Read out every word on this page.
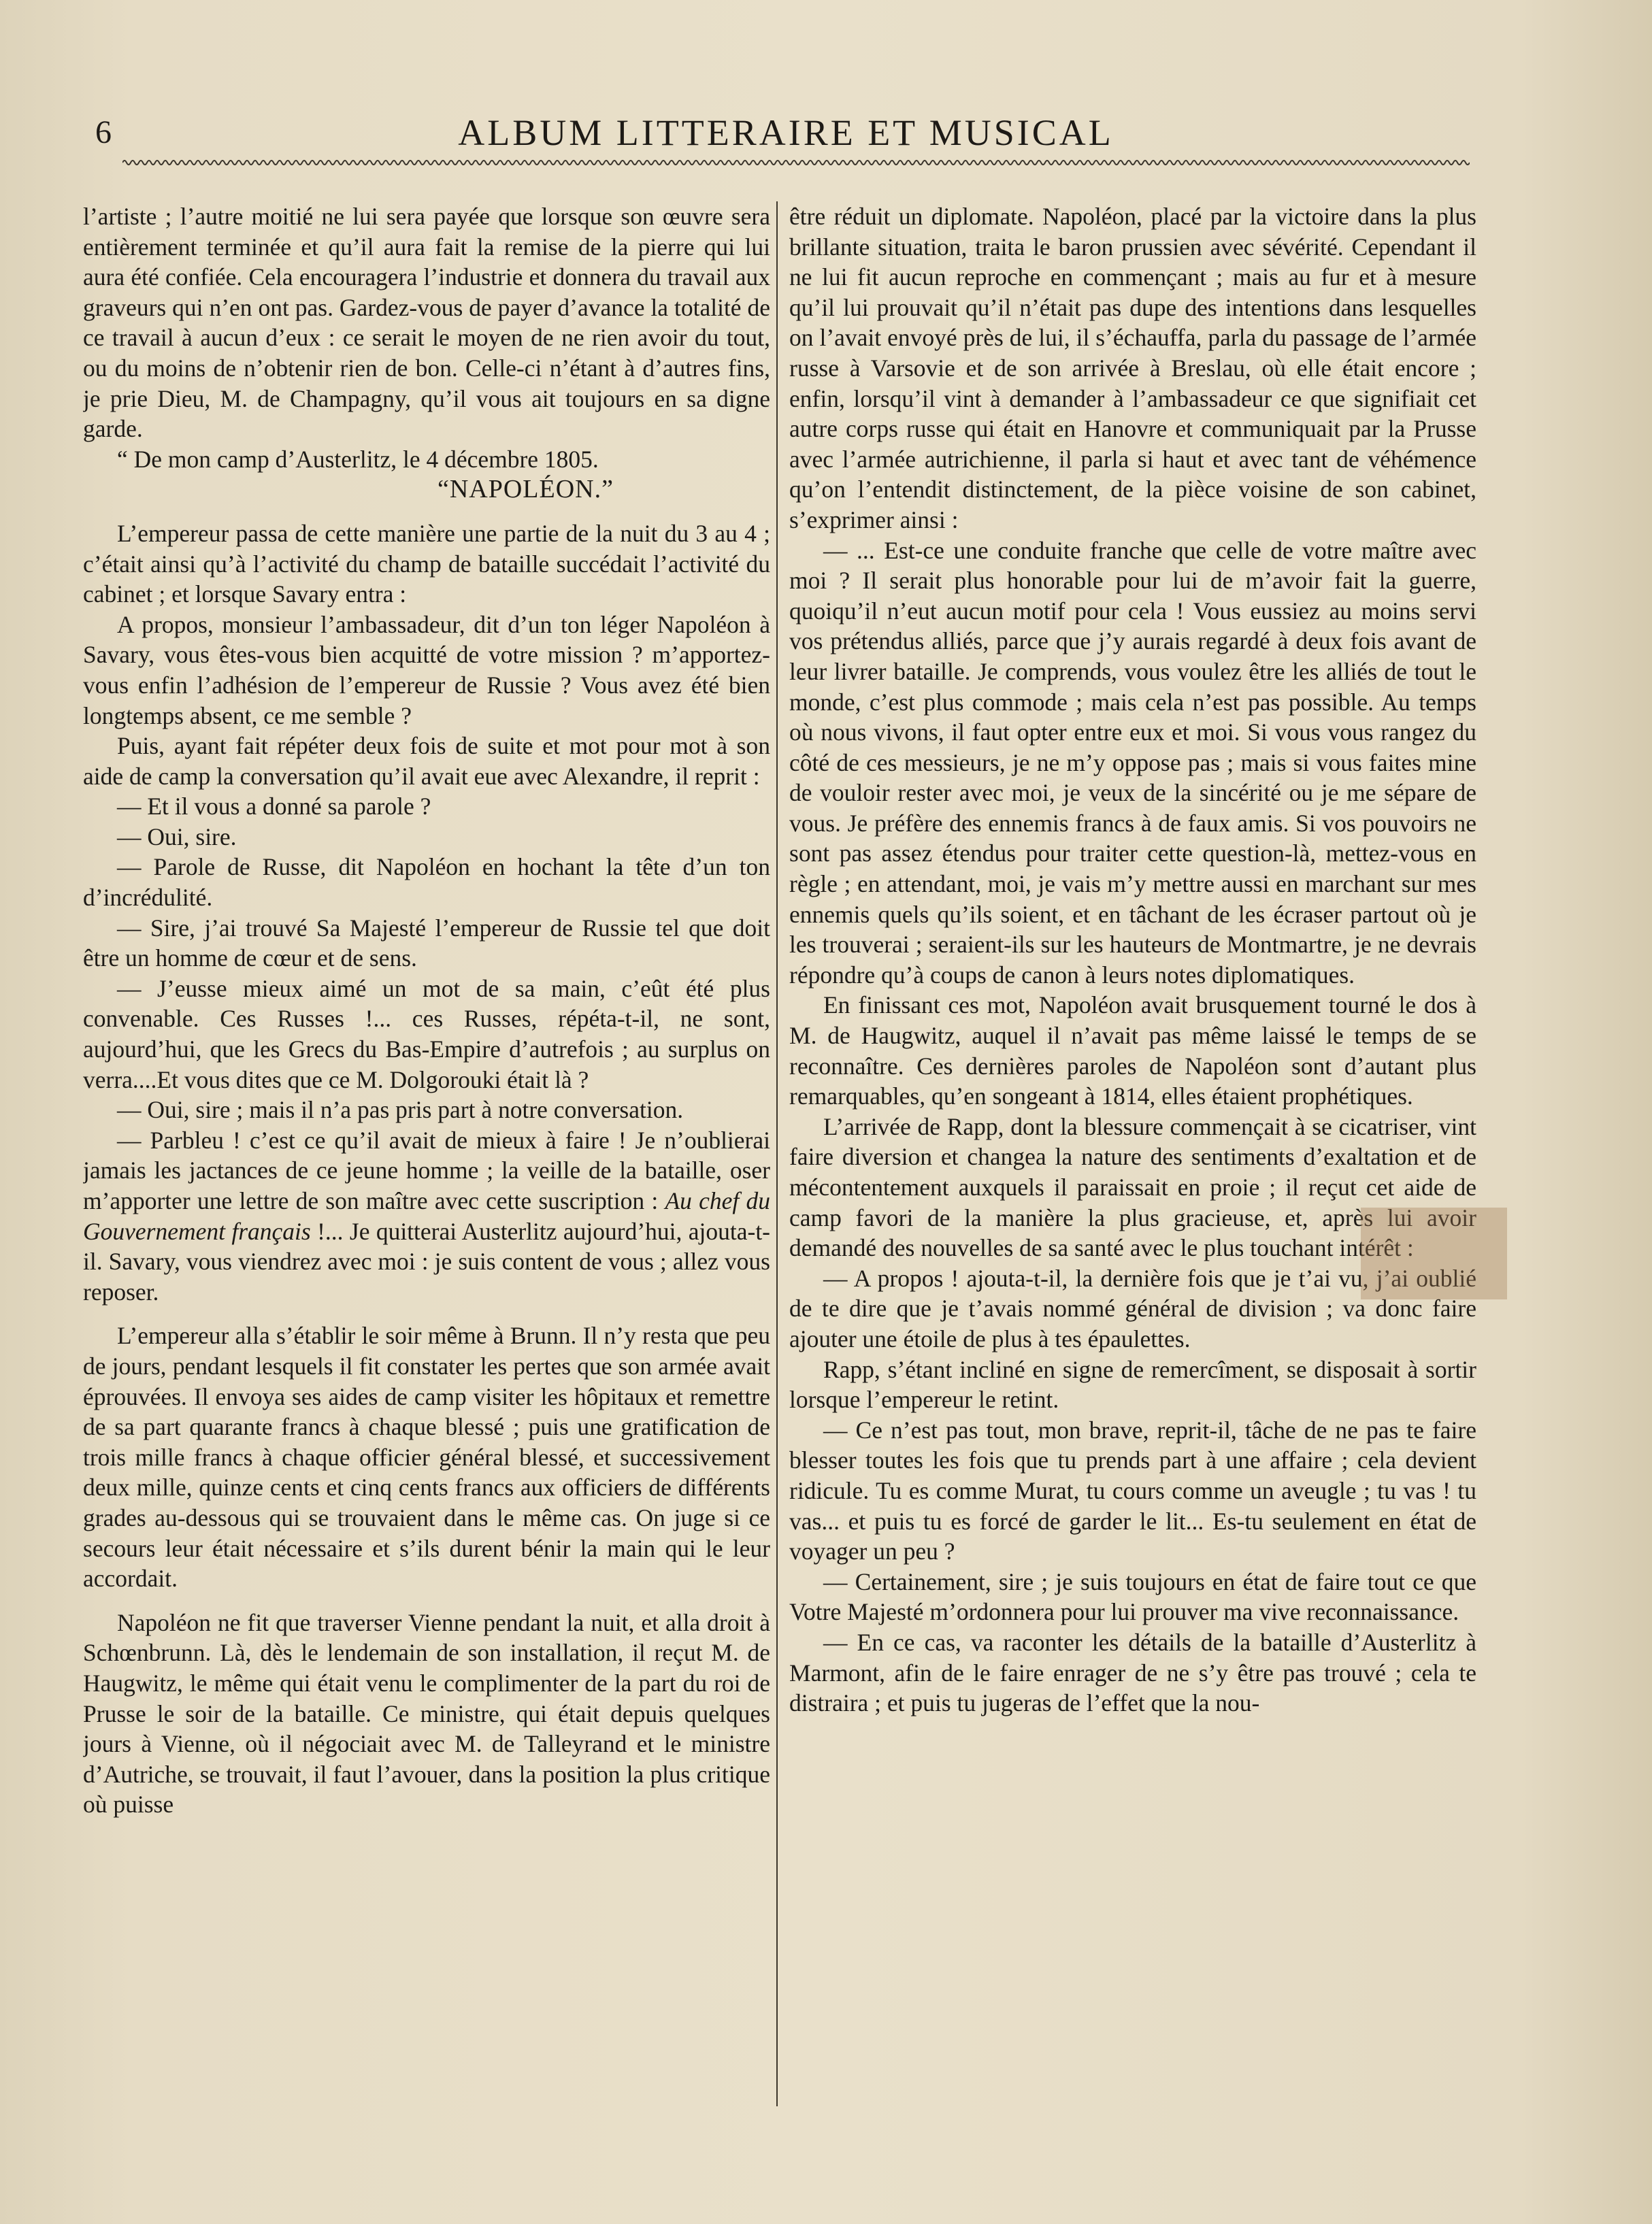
6	ALBUM LITTERAIRE ET MUSICAL

l’artiste ; l’autre moitié ne lui sera payée que lorsque son œuvre sera entièrement terminée et qu’il aura fait la remise de la pierre qui lui aura été confiée. Cela encouragera l’industrie et donnera du travail aux graveurs qui n’en ont pas. Gardez-vous de payer d’avance la totalité de ce travail à aucun d’eux : ce serait le moyen de ne rien avoir du tout, ou du moins de n’obtenir rien de bon. Celle-ci n’étant à d’autres fins, je prie Dieu, M. de Champagny, qu’il vous ait toujours en sa digne garde.

“ De mon camp d’Austerlitz, le 4 décembre 1805.

“NAPOLÉON.”

L’empereur passa de cette manière une partie de la nuit du 3 au 4 ; c’était ainsi qu’à l’activité du champ de bataille succédait l’activité du cabinet ; et lorsque Savary entra :

A propos, monsieur l’ambassadeur, dit d’un ton léger Napoléon à Savary, vous êtes-vous bien acquitté de votre mission ? m’apportez-vous enfin l’adhésion de l’empereur de Russie ? Vous avez été bien longtemps absent, ce me semble ?

Puis, ayant fait répéter deux fois de suite et mot pour mot à son aide de camp la conversation qu’il avait eue avec Alexandre, il reprit :

— Et il vous a donné sa parole ?

— Oui, sire.

— Parole de Russe, dit Napoléon en hochant la tête d’un ton d’incrédulité.

— Sire, j’ai trouvé Sa Majesté l’empereur de Russie tel que doit être un homme de cœur et de sens.

— J’eusse mieux aimé un mot de sa main, c’eût été plus convenable. Ces Russes !... ces Russes, répéta-t-il, ne sont, aujourd’hui, que les Grecs du Bas-Empire d’autrefois ; au surplus on verra....Et vous dites que ce M. Dolgorouki était là ?

— Oui, sire ; mais il n’a pas pris part à notre conversation.

— Parbleu ! c’est ce qu’il avait de mieux à faire ! Je n’oublierai jamais les jactances de ce jeune homme ; la veille de la bataille, oser m’apporter une lettre de son maître avec cette suscription : Au chef du Gouvernement français !... Je quitterai Austerlitz aujourd’hui, ajouta-t-il. Savary, vous viendrez avec moi : je suis content de vous ; allez vous reposer.

L’empereur alla s’établir le soir même à Brunn. Il n’y resta que peu de jours, pendant lesquels il fit constater les pertes que son armée avait éprouvées. Il envoya ses aides de camp visiter les hôpitaux et remettre de sa part quarante francs à chaque blessé ; puis une gratification de trois mille francs à chaque officier général blessé, et successivement deux mille, quinze cents et cinq cents francs aux officiers de différents grades au-dessous qui se trouvaient dans le même cas. On juge si ce secours leur était nécessaire et s’ils durent bénir la main qui le leur accordait.

Napoléon ne fit que traverser Vienne pendant la nuit, et alla droit à Schœnbrunn. Là, dès le lendemain de son installation, il reçut M. de Haugwitz, le même qui était venu le complimenter de la part du roi de Prusse le soir de la bataille. Ce ministre, qui était depuis quelques jours à Vienne, où il négociait avec M. de Talleyrand et le ministre d’Autriche, se trouvait, il faut l’avouer, dans la position la plus critique où puisse

être réduit un diplomate. Napoléon, placé par la victoire dans la plus brillante situation, traita le baron prussien avec sévérité. Cependant il ne lui fit aucun reproche en commençant ; mais au fur et à mesure qu’il lui prouvait qu’il n’était pas dupe des intentions dans lesquelles on l’avait envoyé près de lui, il s’échauffa, parla du passage de l’armée russe à Varsovie et de son arrivée à Breslau, où elle était encore ; enfin, lorsqu’il vint à demander à l’ambassadeur ce que signifiait cet autre corps russe qui était en Hanovre et communiquait par la Prusse avec l’armée autrichienne, il parla si haut et avec tant de véhémence qu’on l’entendit distinctement, de la pièce voisine de son cabinet, s’exprimer ainsi :

— ... Est-ce une conduite franche que celle de votre maître avec moi ? Il serait plus honorable pour lui de m’avoir fait la guerre, quoiqu’il n’eut aucun motif pour cela ! Vous eussiez au moins servi vos prétendus alliés, parce que j’y aurais regardé à deux fois avant de leur livrer bataille. Je comprends, vous voulez être les alliés de tout le monde, c’est plus commode ; mais cela n’est pas possible. Au temps où nous vivons, il faut opter entre eux et moi. Si vous vous rangez du côté de ces messieurs, je ne m’y oppose pas ; mais si vous faites mine de vouloir rester avec moi, je veux de la sincérité ou je me sépare de vous. Je préfère des ennemis francs à de faux amis. Si vos pouvoirs ne sont pas assez étendus pour traiter cette question-là, mettez-vous en règle ; en attendant, moi, je vais m’y mettre aussi en marchant sur mes ennemis quels qu’ils soient, et en tâchant de les écraser partout où je les trouverai ; seraient-ils sur les hauteurs de Montmartre, je ne devrais répondre qu’à coups de canon à leurs notes diplomatiques.

En finissant ces mot, Napoléon avait brusquement tourné le dos à M. de Haugwitz, auquel il n’avait pas même laissé le temps de se reconnaître. Ces dernières paroles de Napoléon sont d’autant plus remarquables, qu’en songeant à 1814, elles étaient prophétiques.

L’arrivée de Rapp, dont la blessure commençait à se cicatriser, vint faire diversion et changea la nature des sentiments d’exaltation et de mécontentement auxquels il paraissait en proie ; il reçut cet aide de camp favori de la manière la plus gracieuse, et, après lui avoir demandé des nouvelles de sa santé avec le plus touchant intérêt :

— A propos ! ajouta-t-il, la dernière fois que je t’ai vu, j’ai oublié de te dire que je t’avais nommé général de division ; va donc faire ajouter une étoile de plus à tes épaulettes.

Rapp, s’étant incliné en signe de remercîment, se disposait à sortir lorsque l’empereur le retint.

— Ce n’est pas tout, mon brave, reprit-il, tâche de ne pas te faire blesser toutes les fois que tu prends part à une affaire ; cela devient ridicule. Tu es comme Murat, tu cours comme un aveugle ; tu vas ! tu vas... et puis tu es forcé de garder le lit... Es-tu seulement en état de voyager un peu ?

— Certainement, sire ; je suis toujours en état de faire tout ce que Votre Majesté m’ordonnera pour lui prouver ma vive reconnaissance.

— En ce cas, va raconter les détails de la bataille d’Austerlitz à Marmont, afin de le faire enrager de ne s’y être pas trouvé ; cela te distraira ; et puis tu jugeras de l’effet que la nou-
